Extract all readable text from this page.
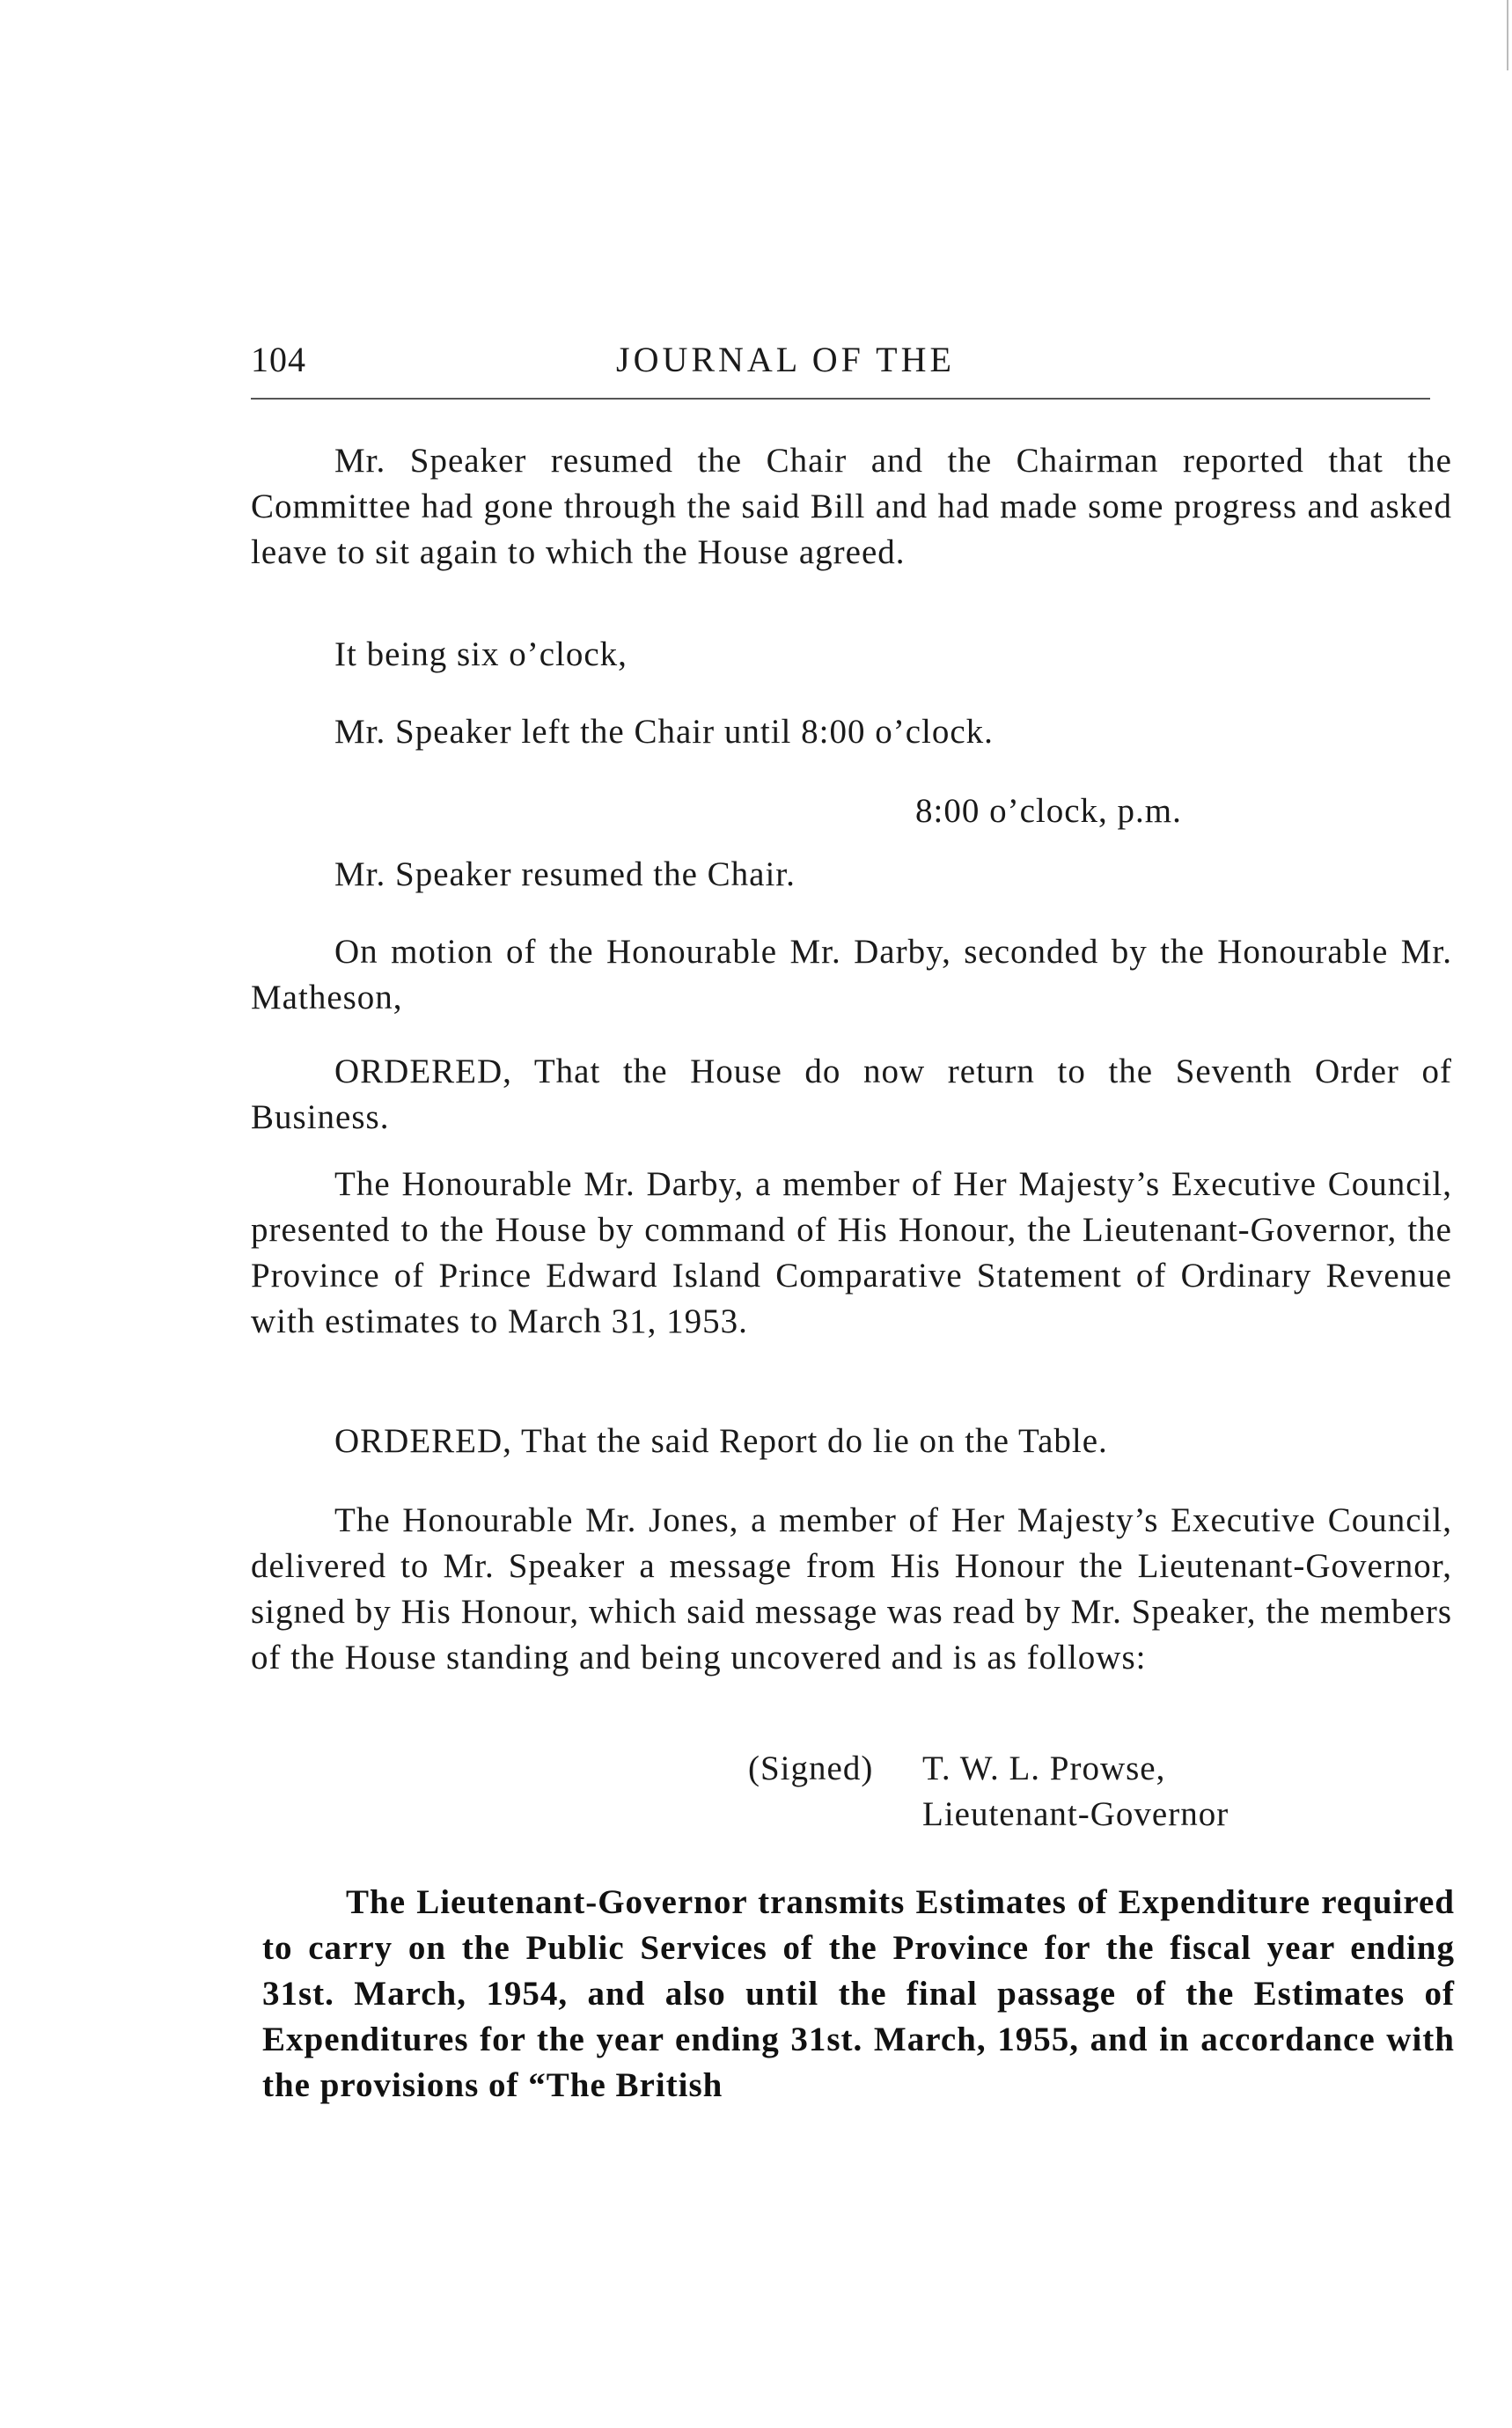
104	JOURNAL OF THE

Mr. Speaker resumed the Chair and the Chairman reported that the Committee had gone through the said Bill and had made some progress and asked leave to sit again to which the House agreed.

It being six o’clock,

Mr. Speaker left the Chair until 8:00 o’clock.

8:00 o’clock, p.m.

Mr. Speaker resumed the Chair.

On motion of the Honourable Mr. Darby, seconded by the Honourable Mr. Matheson,

ORDERED, That the House do now return to the Seventh Order of Business.

The Honourable Mr. Darby, a member of Her Majesty’s Executive Council, presented to the House by command of His Honour, the Lieutenant-Governor, the Province of Prince Edward Island Comparative Statement of Ordinary Revenue with estimates to March 31, 1953.

ORDERED, That the said Report do lie on the Table.

The Honourable Mr. Jones, a member of Her Majesty’s Executive Council, delivered to Mr. Speaker a message from His Honour the Lieutenant-Governor, signed by His Honour, which said message was read by Mr. Speaker, the members of the House standing and being uncovered and is as follows:

(Signed) T. W. L. Prowse,
Lieutenant-Governor

The Lieutenant-Governor transmits Estimates of Expenditure required to carry on the Public Services of the Province for the fiscal year ending 31st. March, 1954, and also until the final passage of the Estimates of Expenditures for the year ending 31st. March, 1955, and in accordance with the provisions of “The British
